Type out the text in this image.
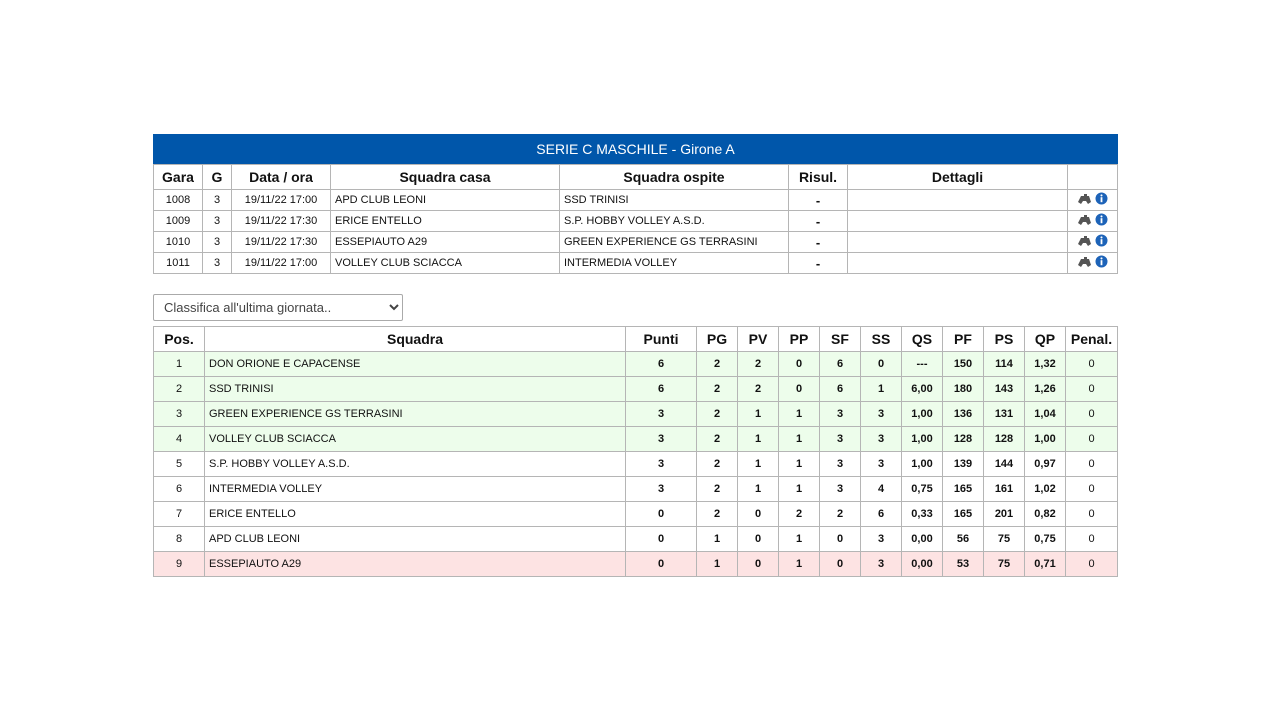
SERIE C MASCHILE - Girone A
Gara	G	Data / ora	Squadra casa	Squadra ospite	Risul.	Dettagli	
1008	3	19/11/22 17:00	APD CLUB LEONI	SSD TRINISI	-		
1009	3	19/11/22 17:30	ERICE ENTELLO	S.P. HOBBY VOLLEY A.S.D.	-		
1010	3	19/11/22 17:30	ESSEPIAUTO A29	GREEN EXPERIENCE GS TERRASINI	-		
1011	3	19/11/22 17:00	VOLLEY CLUB SCIACCA	INTERMEDIA VOLLEY	-		
Classifica all'ultima giornata..
Pos.	Squadra	Punti	PG	PV	PP	SF	SS	QS	PF	PS	QP	Penal.
1	DON ORIONE E CAPACENSE	6	2	2	0	6	0	---	150	114	1,32	0
2	SSD TRINISI	6	2	2	0	6	1	6,00	180	143	1,26	0
3	GREEN EXPERIENCE GS TERRASINI	3	2	1	1	3	3	1,00	136	131	1,04	0
4	VOLLEY CLUB SCIACCA	3	2	1	1	3	3	1,00	128	128	1,00	0
5	S.P. HOBBY VOLLEY A.S.D.	3	2	1	1	3	3	1,00	139	144	0,97	0
6	INTERMEDIA VOLLEY	3	2	1	1	3	4	0,75	165	161	1,02	0
7	ERICE ENTELLO	0	2	0	2	2	6	0,33	165	201	0,82	0
8	APD CLUB LEONI	0	1	0	1	0	3	0,00	56	75	0,75	0
9	ESSEPIAUTO A29	0	1	0	1	0	3	0,00	53	75	0,71	0
